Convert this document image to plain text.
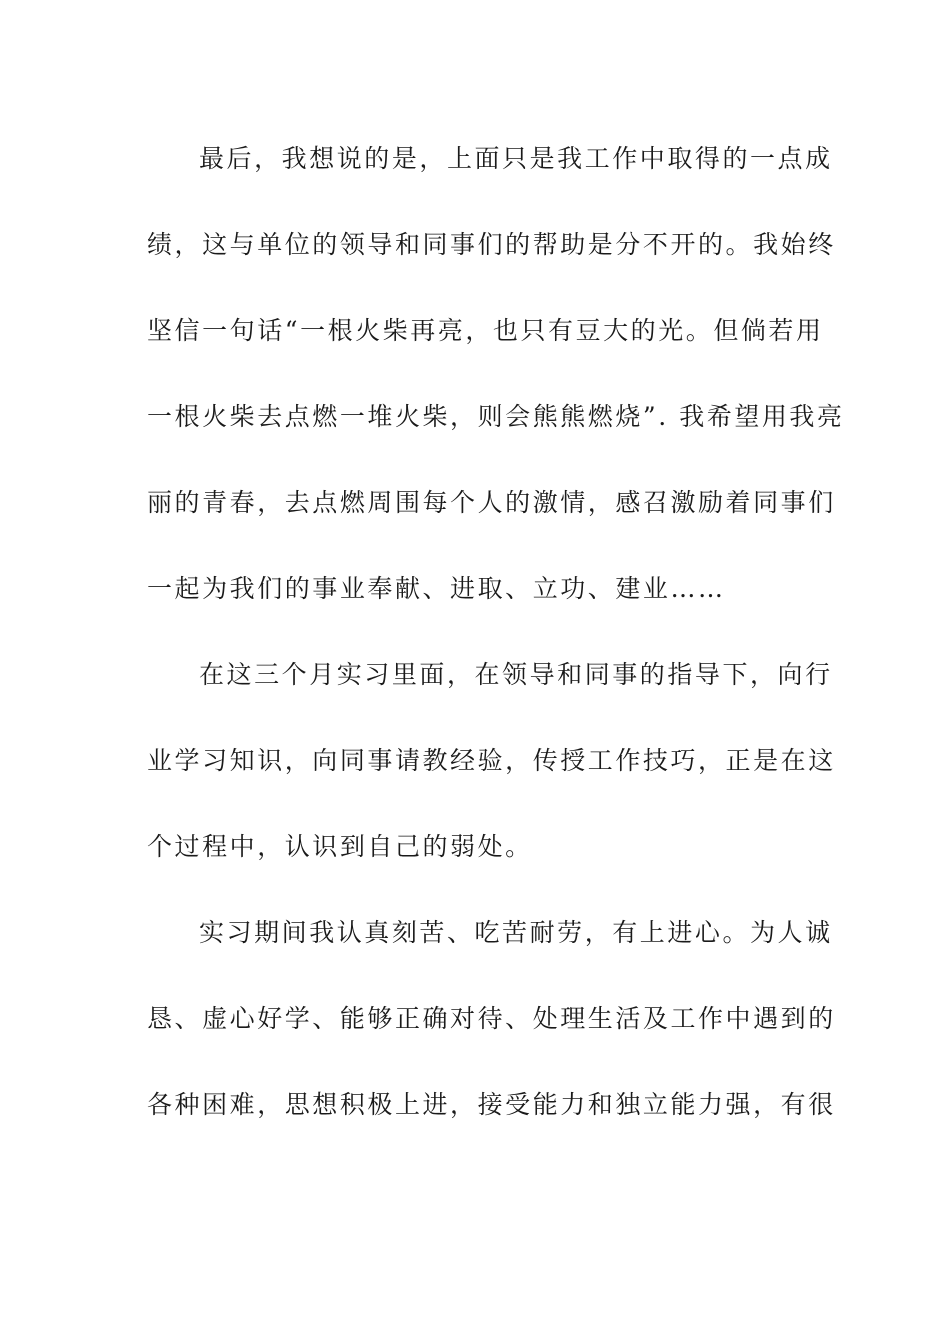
最后，我想说的是，上面只是我工作中取得的一点成
绩，这与单位的领导和同事们的帮助是分不开的。我始终
坚信一句话“一根火柴再亮，也只有豆大的光。但倘若用
一根火柴去点燃一堆火柴，则会熊熊燃烧”. 我希望用我亮
丽的青春，去点燃周围每个人的激情，感召激励着同事们
一起为我们的事业奉献、进取、立功、建业……
在这三个月实习里面，在领导和同事的指导下，向行
业学习知识，向同事请教经验，传授工作技巧，正是在这
个过程中，认识到自己的弱处。
实习期间我认真刻苦、吃苦耐劳，有上进心。为人诚
恳、虚心好学、能够正确对待、处理生活及工作中遇到的
各种困难，思想积极上进，接受能力和独立能力强，有很
